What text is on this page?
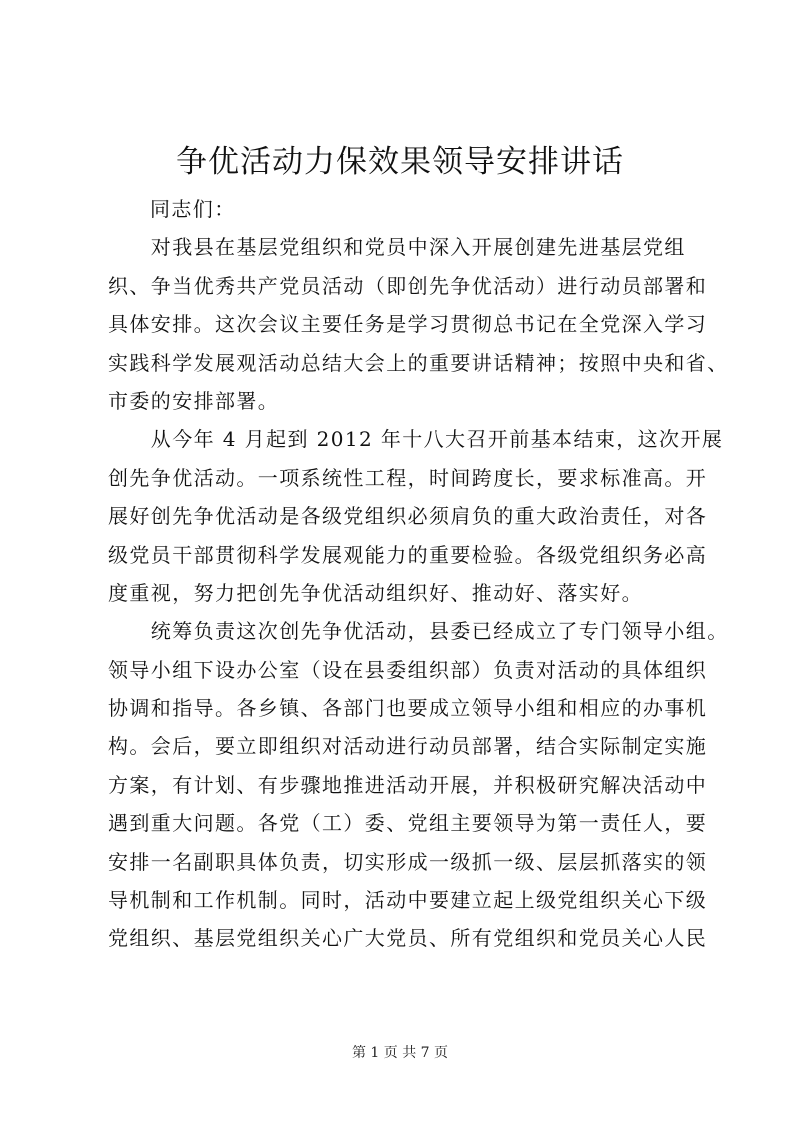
争优活动力保效果领导安排讲话
同志们：
　　对我县在基层党组织和党员中深入开展创建先进基层党组
织、争当优秀共产党员活动（即创先争优活动）进行动员部署和
具体安排。这次会议主要任务是学习贯彻总书记在全党深入学习
实践科学发展观活动总结大会上的重要讲话精神；按照中央和省、
市委的安排部署。
　　从今年 4 月起到 2012 年十八大召开前基本结束，这次开展
创先争优活动。一项系统性工程，时间跨度长，要求标准高。开
展好创先争优活动是各级党组织必须肩负的重大政治责任，对各
级党员干部贯彻科学发展观能力的重要检验。各级党组织务必高
度重视，努力把创先争优活动组织好、推动好、落实好。
　　统筹负责这次创先争优活动，县委已经成立了专门领导小组。
领导小组下设办公室（设在县委组织部）负责对活动的具体组织
协调和指导。各乡镇、各部门也要成立领导小组和相应的办事机
构。会后，要立即组织对活动进行动员部署，结合实际制定实施
方案，有计划、有步骤地推进活动开展，并积极研究解决活动中
遇到重大问题。各党（工）委、党组主要领导为第一责任人，要
安排一名副职具体负责，切实形成一级抓一级、层层抓落实的领
导机制和工作机制。同时，活动中要建立起上级党组织关心下级
党组织、基层党组织关心广大党员、所有党组织和党员关心人民
第 1 页 共 7 页
